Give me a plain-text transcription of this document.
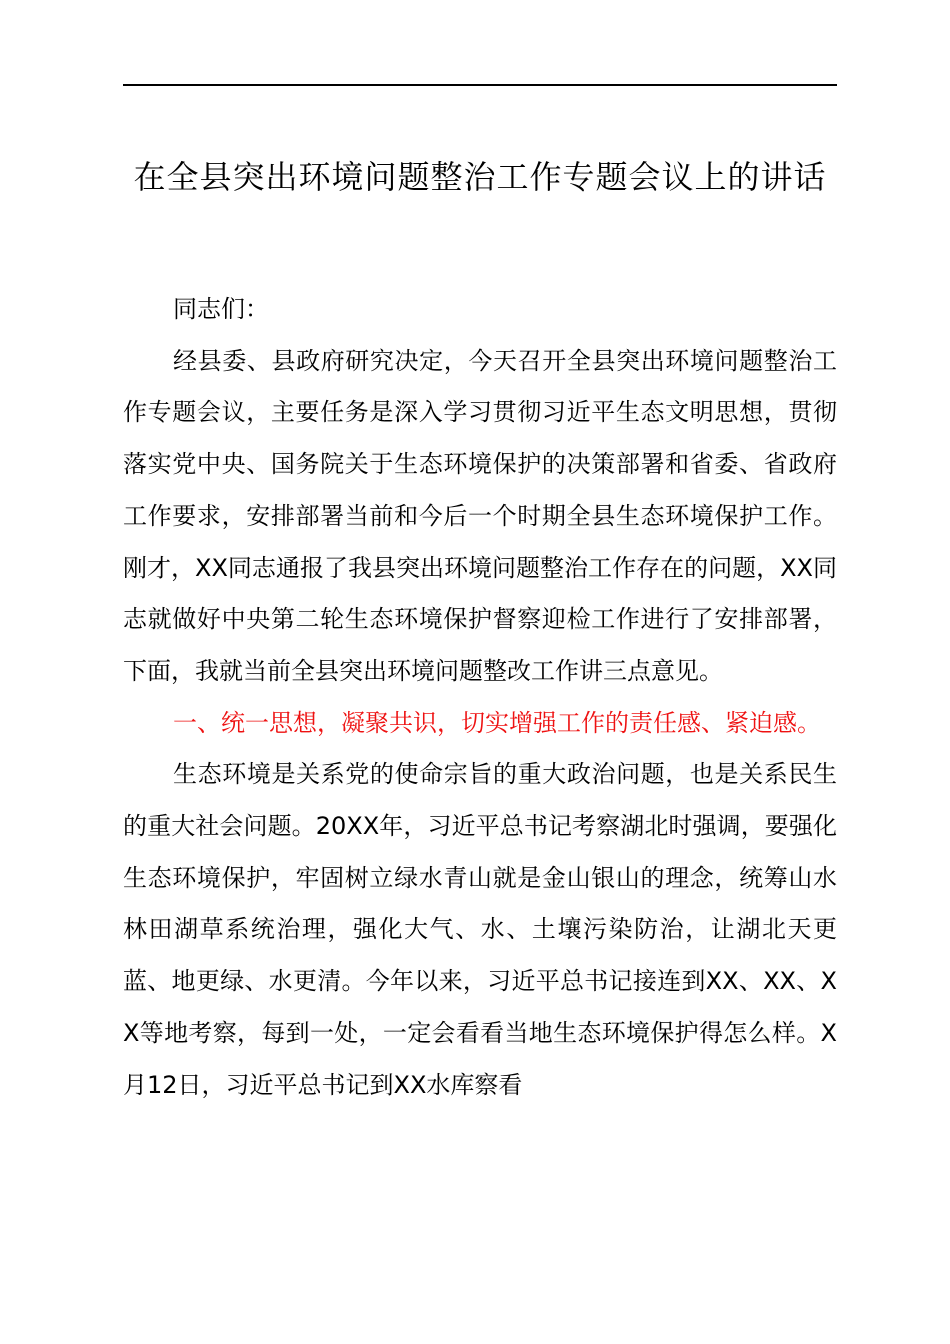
在全县突出环境问题整治工作专题会议上的讲话

同志们：

经县委、县政府研究决定，今天召开全县突出环境问题整治工作专题会议，主要任务是深入学习贯彻习近平生态文明思想，贯彻落实党中央、国务院关于生态环境保护的决策部署和省委、省政府工作要求，安排部署当前和今后一个时期全县生态环境保护工作。刚才，XX同志通报了我县突出环境问题整治工作存在的问题，XX同志就做好中央第二轮生态环境保护督察迎检工作进行了安排部署，下面，我就当前全县突出环境问题整改工作讲三点意见。

一、统一思想，凝聚共识，切实增强工作的责任感、紧迫感。

生态环境是关系党的使命宗旨的重大政治问题，也是关系民生的重大社会问题。20XX年，习近平总书记考察湖北时强调，要强化生态环境保护，牢固树立绿水青山就是金山银山的理念，统筹山水林田湖草系统治理，强化大气、水、土壤污染防治，让湖北天更蓝、地更绿、水更清。今年以来，习近平总书记接连到XX、XX、XX等地考察，每到一处，一定会看看当地生态环境保护得怎么样。X月12日，习近平总书记到XX水库察看
